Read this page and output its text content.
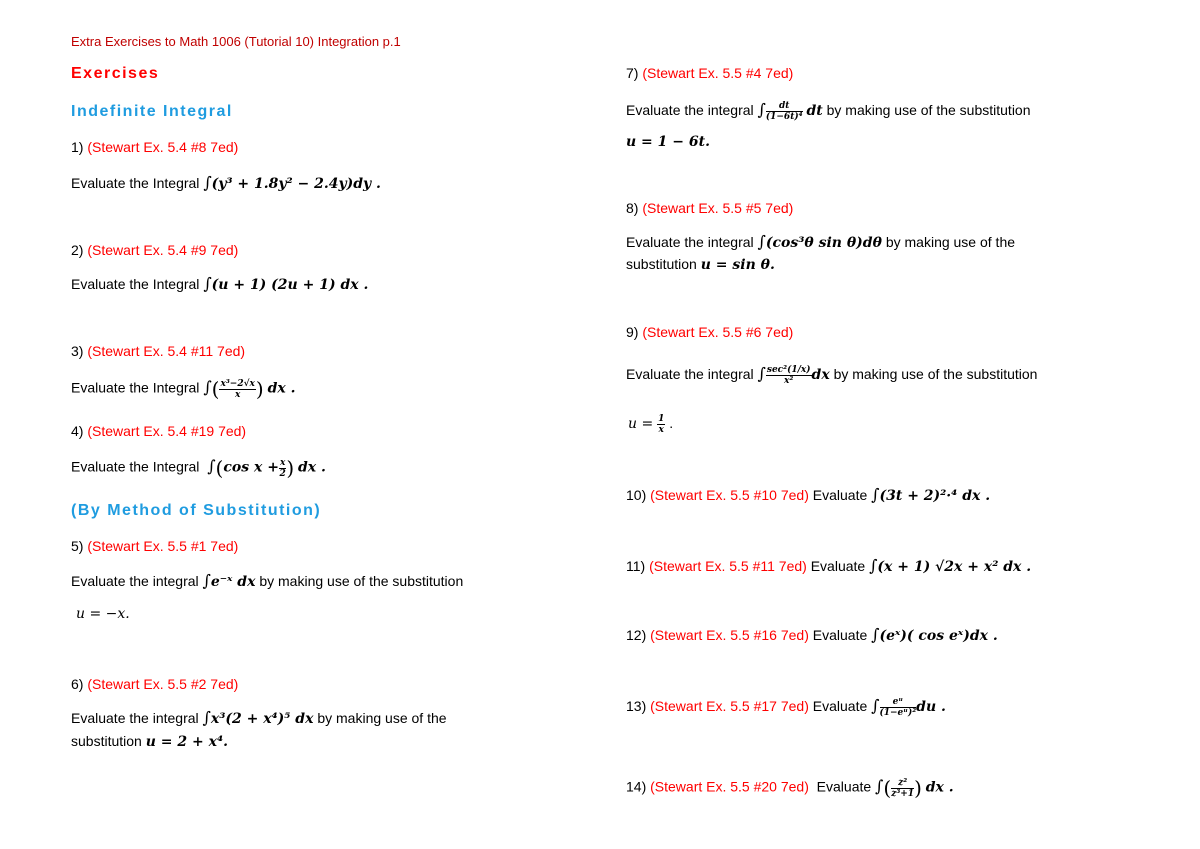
Extra Exercises to Math 1006 (Tutorial 10) Integration p.1
Exercises
Indefinite Integral
1) (Stewart Ex. 5.4 #8 7ed)
Evaluate the Integral ∫(y³ + 1.8y² − 2.4y)dy .
2) (Stewart Ex. 5.4 #9 7ed)
Evaluate the Integral ∫(u + 1) (2u + 1) dx .
3) (Stewart Ex. 5.4 #11 7ed)
Evaluate the Integral ∫( $\frac{\text{x³−2√x}}{x}$ ) dx .
4) (Stewart Ex. 5.4 #19 7ed)
Evaluate the Integral ∫(cos $x + \frac{x}{2}$ ) dx .
(By Method of Substitution)
5) (Stewart Ex. 5.5 #1 7ed)
Evaluate the integral ∫e⁻ˣ dx by making use of the substitution
u = −x.
6) (Stewart Ex. 5.5 #2 7ed)
Evaluate the integral ∫x³(2 + x⁴)⁵ dx by making use of the
substitution u = 2 + x⁴.
7) (Stewart Ex. 5.5 #4 7ed)
Evaluate the integral ∫ $\frac{dt}{\text{(1−6t)⁴}}$ dt by making use of the substitution
u = 1 − 6t.
8) (Stewart Ex. 5.5 #5 7ed)
Evaluate the integral ∫(cos³θ sin θ)dθ by making use of the
substitution u = sin θ.
9) (Stewart Ex. 5.5 #6 7ed)
Evaluate the integral ∫ $\frac{\text{sec²(1/x)}}{\text{x²}}$ dx by making use of the substitution
$u = \frac{1}{x}$ .
10) (Stewart Ex. 5.5 #10 7ed) Evaluate ∫(3t + 2)²·⁴ dx .
11) (Stewart Ex. 5.5 #11 7ed) Evaluate ∫(x + 1) √2x + x² dx .
12) (Stewart Ex. 5.5 #16 7ed) Evaluate ∫(eˣ)( cos eˣ)dx .
13) (Stewart Ex. 5.5 #17 7ed) Evaluate ∫ $\frac{\text{eᵘ}}{\text{(1−eᵘ)²}}$ du .
14) (Stewart Ex. 5.5 #20 7ed) Evaluate ∫( $\frac{\text{z²}}{\text{z³+1}}$ ) dx .
